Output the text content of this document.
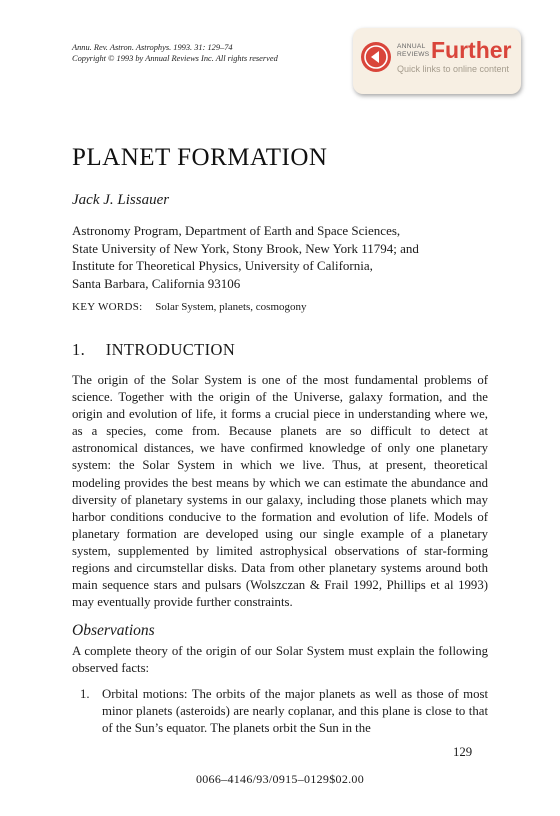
Annu. Rev. Astron. Astrophys. 1993. 31: 129–74
Copyright © 1993 by Annual Reviews Inc. All rights reserved
ANNUAL
REVIEWS Further
Quick links to online content
PLANET FORMATION
Jack J. Lissauer
Astronomy Program, Department of Earth and Space Sciences,
State University of New York, Stony Brook, New York 11794; and
Institute for Theoretical Physics, University of California,
Santa Barbara, California 93106
KEY WORDS: Solar System, planets, cosmogony
1. INTRODUCTION
The origin of the Solar System is one of the most fundamental problems of science. Together with the origin of the Universe, galaxy formation, and the origin and evolution of life, it forms a crucial piece in understanding where we, as a species, come from. Because planets are so difficult to detect at astronomical distances, we have confirmed knowledge of only one planetary system: the Solar System in which we live. Thus, at present, theoretical modeling provides the best means by which we can estimate the abundance and diversity of planetary systems in our galaxy, including those planets which may harbor conditions conducive to the formation and evolution of life. Models of planetary formation are developed using our single example of a planetary system, supplemented by limited astrophysical observations of star-forming regions and circumstellar disks. Data from other planetary systems around both main sequence stars and pulsars (Wolszczan & Frail 1992, Phillips et al 1993) may eventually provide further constraints.
Observations
A complete theory of the origin of our Solar System must explain the following observed facts:
1. Orbital motions: The orbits of the major planets as well as those of most minor planets (asteroids) are nearly coplanar, and this plane is close to that of the Sun’s equator. The planets orbit the Sun in the
129
0066–4146/93/0915–0129$02.00
